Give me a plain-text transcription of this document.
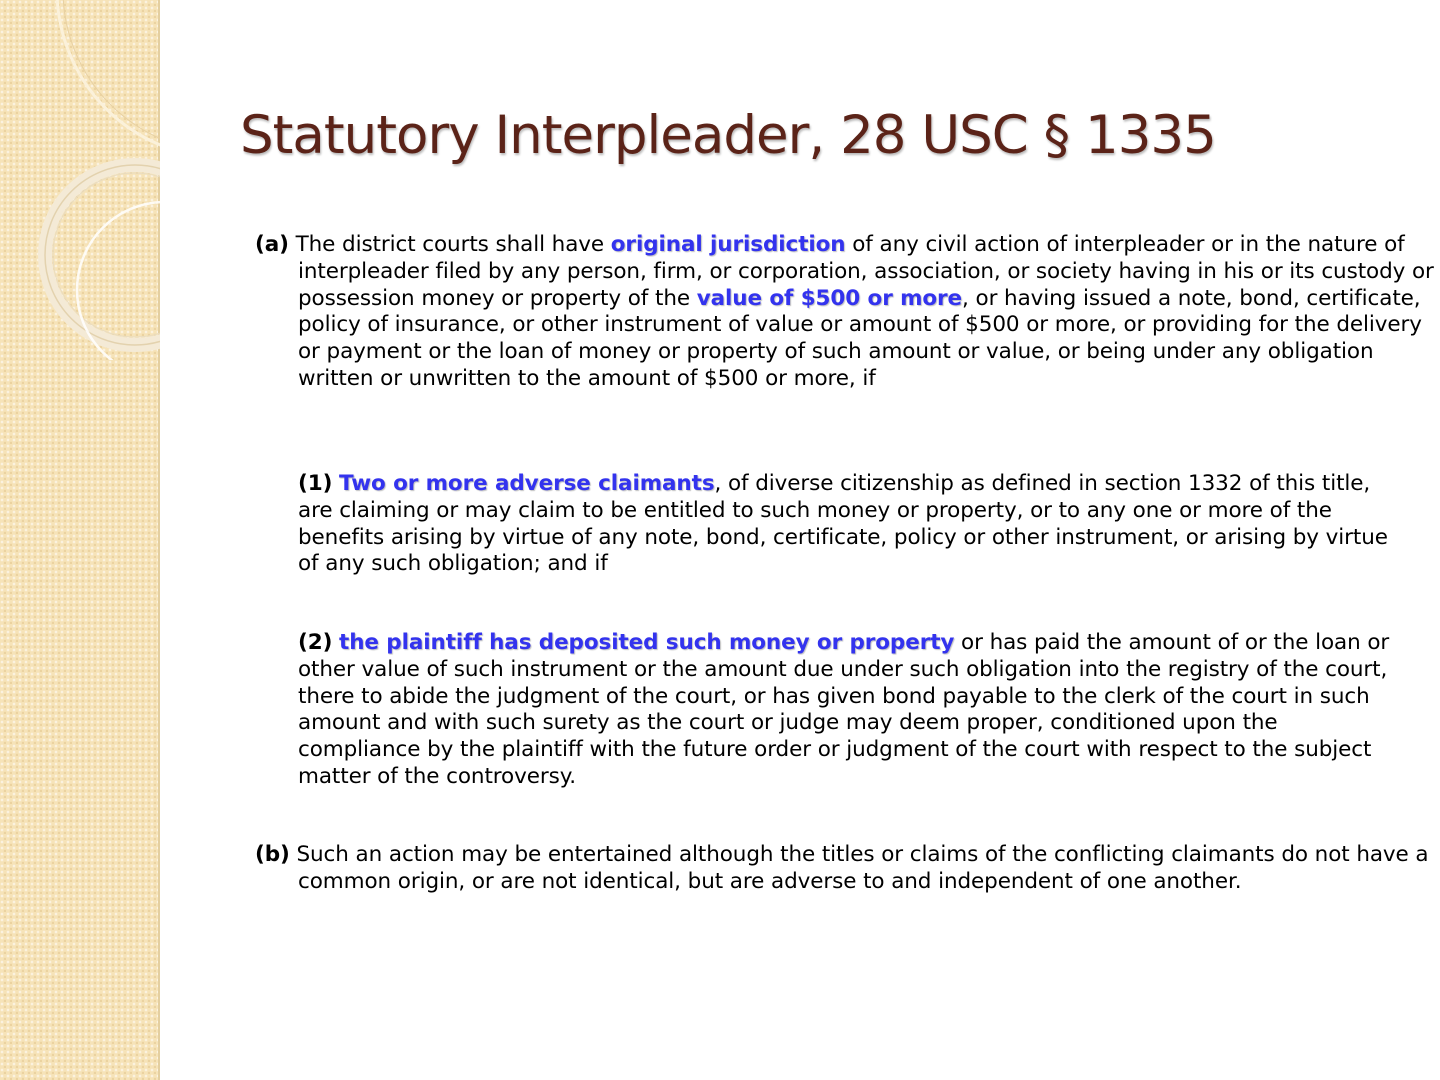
Statutory Interpleader, 28 USC § 1335

(a) The district courts shall have original jurisdiction of any civil action of interpleader or in the nature of interpleader filed by any person, firm, or corporation, association, or society having in his or its custody or possession money or property of the value of $500 or more, or having issued a note, bond, certificate, policy of insurance, or other instrument of value or amount of $500 or more, or providing for the delivery or payment or the loan of money or property of such amount or value, or being under any obligation written or unwritten to the amount of $500 or more, if

(1) Two or more adverse claimants, of diverse citizenship as defined in section 1332 of this title, are claiming or may claim to be entitled to such money or property, or to any one or more of the benefits arising by virtue of any note, bond, certificate, policy or other instrument, or arising by virtue of any such obligation; and if

(2) the plaintiff has deposited such money or property or has paid the amount of or the loan or other value of such instrument or the amount due under such obligation into the registry of the court, there to abide the judgment of the court, or has given bond payable to the clerk of the court in such amount and with such surety as the court or judge may deem proper, conditioned upon the compliance by the plaintiff with the future order or judgment of the court with respect to the subject matter of the controversy.

(b) Such an action may be entertained although the titles or claims of the conflicting claimants do not have a common origin, or are not identical, but are adverse to and independent of one another.
